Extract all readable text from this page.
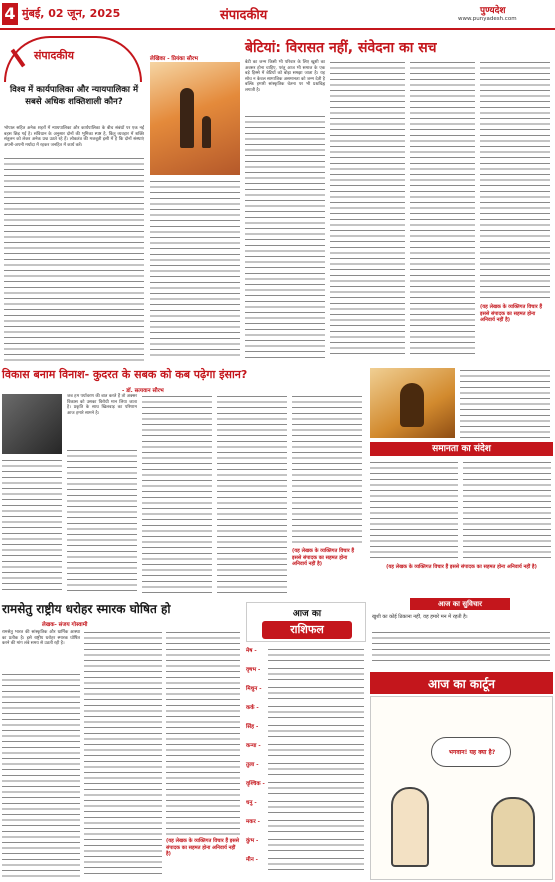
4 मुंबई, 02 जून, 2025	संपादकीय	पुण्यदेश
www.punyadesh.com
संपादकीय
विश्व में कार्यपालिका और न्यायपालिका में सबसे अधिक शक्तिशाली कौन?
भोपाल सहित अनेक शहरों में न्यायपालिका और कार्यपालिका के बीच संबंधों पर एक नई बहस छिड़ गई है। संविधान के अनुसार दोनों की भूमिका स्पष्ट है, किंतु व्यवहार में शक्ति संतुलन को लेकर अनेक प्रश्न उठते रहे हैं। लोकतंत्र की मजबूती इसी में है कि दोनों संस्थाएं अपनी-अपनी मर्यादा में रहकर जनहित में कार्य करें।
बेटियां: विरासत नहीं, संवेदना का सच
लेखिका - प्रियंका सौरभ
बेटी का जन्म किसी भी परिवार के लिए खुशी का अवसर होना चाहिए, परंतु आज भी समाज के एक बड़े हिस्से में बेटियों को बोझ समझा जाता है। यह सोच न केवल सामाजिक असमानता को जन्म देती है बल्कि हमारी सांस्कृतिक चेतना पर भी प्रश्नचिह्न लगाती है।
(यह लेखक के व्यक्तिगत विचार हैं इससे संपादक का सहमत होना अनिवार्य नहीं है)
विकास बनाम विनाश- कुदरत के सबक को कब पढ़ेगा इंसान?
- डॉ. सत्यवान सौरभ
जब हम पर्यावरण की बात करते हैं तो अक्सर विकास को उसका विरोधी मान लिया जाता है। प्रकृति के साथ खिलवाड़ का परिणाम आज हमारे सामने है।
(यह लेखक के व्यक्तिगत विचार हैं इससे संपादक का सहमत होना अनिवार्य नहीं है)
समानता का संदेश
(यह लेखक के व्यक्तिगत विचार हैं इससे संपादक का सहमत होना अनिवार्य नहीं है)
आज का सुविचार
खुशी का कोई ठिकाना नहीं, वह हमारे मन में रहती है।
रामसेतु राष्ट्रीय धरोहर स्मारक घोषित हो
लेखक- संजय गोस्वामी
रामसेतु भारत की सांस्कृतिक और धार्मिक आस्था का प्रतीक है। इसे राष्ट्रीय धरोहर स्मारक घोषित करने की मांग लंबे समय से उठती रही है।
(यह लेखक के व्यक्तिगत विचार हैं इससे संपादक का सहमत होना अनिवार्य नहीं है)
आज का
राशिफल
मेष -
वृषभ -
मिथुन -
कर्क -
सिंह -
कन्या -
तुला -
वृश्चिक -
धनु -
मकर -
कुंभ -
मीन -
आज का कार्टून
भगवान! यह क्या है?
